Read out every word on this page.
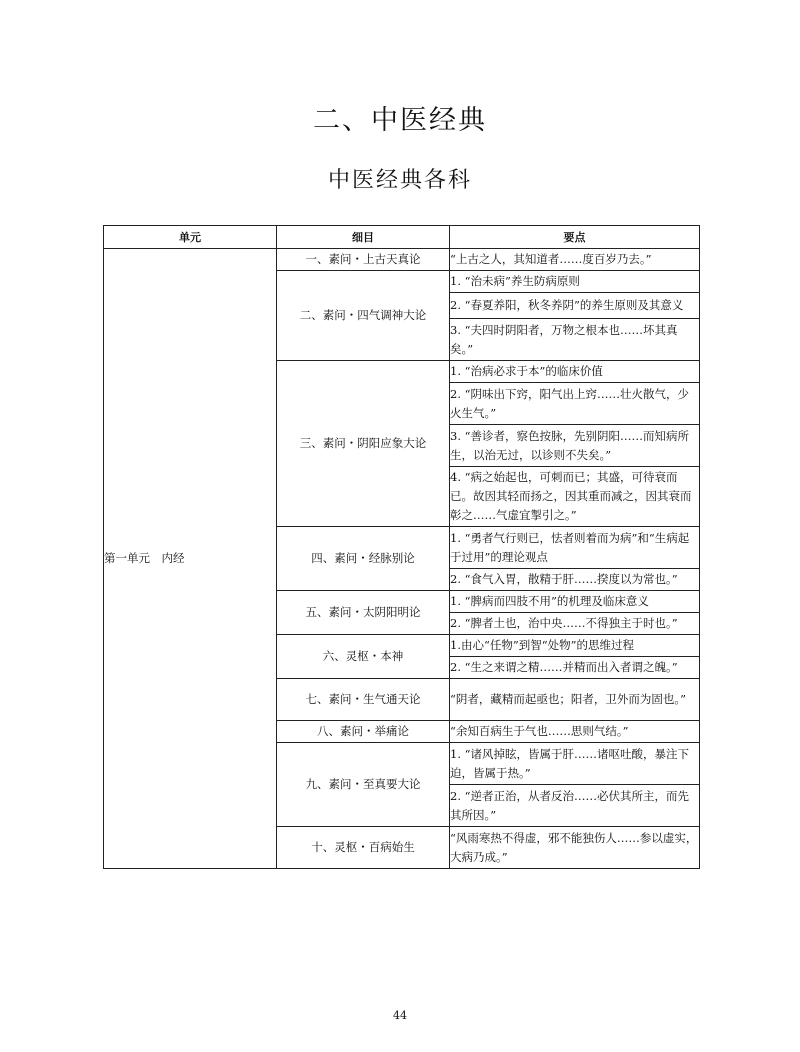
二、中医经典
中医经典各科
单元	细目	要点
第一单元　内经	一、素问・上古天真论	“上古之人，其知道者……度百岁乃去。”
	二、素问・四气调神大论	1. “治未病”养生防病原则
		2. “春夏养阳，秋冬养阴”的养生原则及其意义
		3. “夫四时阴阳者，万物之根本也……坏其真矣。”
	三、素问・阴阳应象大论	1. “治病必求于本”的临床价值
		2. “阴味出下窍，阳气出上窍……壮火散气，少火生气。”
		3. “善诊者，察色按脉，先别阴阳……而知病所生，以治无过，以诊则不失矣。”
		4. “病之始起也，可刺而已；其盛，可待衰而已。故因其轻而扬之，因其重而减之，因其衰而彰之……气虚宜掣引之。”
	四、素问・经脉别论	1. “勇者气行则已，怯者则着而为病”和“生病起于过用”的理论观点
		2. “食气入胃，散精于肝……揆度以为常也。”
	五、素问・太阴阳明论	1. “脾病而四肢不用”的机理及临床意义
		2. “脾者土也，治中央……不得独主于时也。”
	六、灵枢・本神	1.由心“任物”到智“处物”的思维过程
		2. “生之来谓之精……并精而出入者谓之魄。”
	七、素问・生气通天论	“阴者，藏精而起亟也；阳者，卫外而为固也。”
	八、素问・举痛论	“余知百病生于气也……思则气结。”
	九、素问・至真要大论	1. “诸风掉眩，皆属于肝……诸呕吐酸，暴注下迫，皆属于热。”
		2. “逆者正治，从者反治……必伏其所主，而先其所因。”
	十、灵枢・百病始生	“风雨寒热不得虚，邪不能独伤人……参以虚实，大病乃成。”
44
